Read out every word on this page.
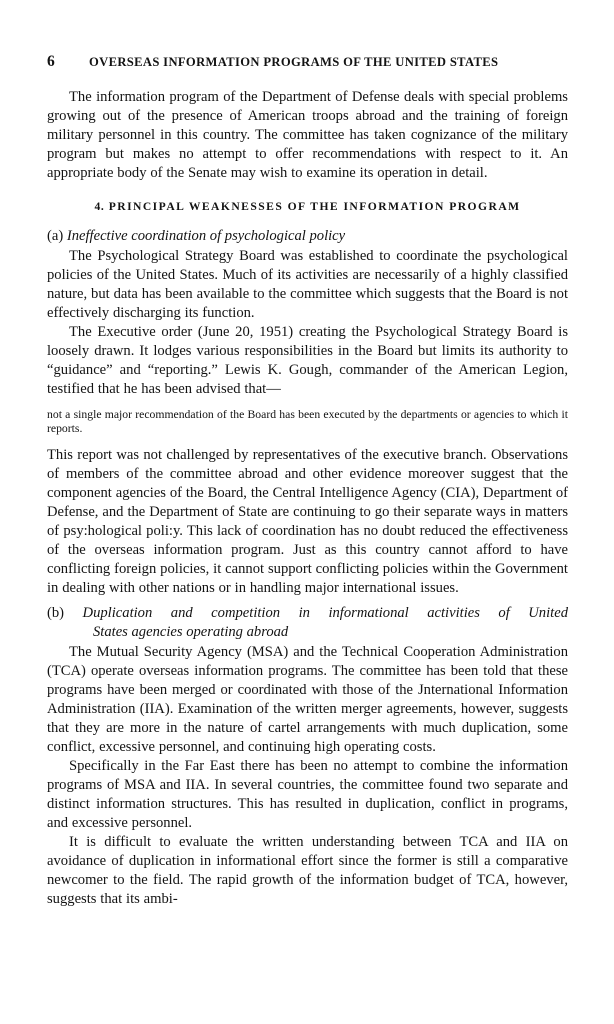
6	OVERSEAS INFORMATION PROGRAMS OF THE UNITED STATES

The information program of the Department of Defense deals with special problems growing out of the presence of American troops abroad and the training of foreign military personnel in this country. The committee has taken cognizance of the military program but makes no attempt to offer recommendations with respect to it. An appropriate body of the Senate may wish to examine its operation in detail.

4. PRINCIPAL WEAKNESSES OF THE INFORMATION PROGRAM
(a) Ineffective coordination of psychological policy

The Psychological Strategy Board was established to coordinate the psychological policies of the United States. Much of its activities are necessarily of a highly classified nature, but data has been available to the committee which suggests that the Board is not effectively discharging its function.

The Executive order (June 20, 1951) creating the Psychological Strategy Board is loosely drawn. It lodges various responsibilities in the Board but limits its authority to “guidance” and “reporting.” Lewis K. Gough, commander of the American Legion, testified that he has been advised that—

not a single major recommendation of the Board has been executed by the departments or agencies to which it reports.

This report was not challenged by representatives of the executive branch. Observations of members of the committee abroad and other evidence moreover suggest that the component agencies of the Board, the Central Intelligence Agency (CIA), Department of Defense, and the Department of State are continuing to go their separate ways in matters of psy:hological poli:y. This lack of coordination has no doubt reduced the effectiveness of the overseas information program. Just as this country cannot afford to have conflicting foreign policies, it cannot support conflicting policies within the Government in dealing with other nations or in handling major international issues.

(b) Duplication and competition in informational activities of United
States agencies operating abroad

The Mutual Security Agency (MSA) and the Technical Cooperation Administration (TCA) operate overseas information programs. The committee has been told that these programs have been merged or coordinated with those of the Jnternational Information Administration (IIA). Examination of the written merger agreements, however, suggests that they are more in the nature of cartel arrangements with much duplication, some conflict, excessive personnel, and continuing high operating costs.

Specifically in the Far East there has been no attempt to combine the information programs of MSA and IIA. In several countries, the committee found two separate and distinct information structures. This has resulted in duplication, conflict in programs, and excessive personnel.

It is difficult to evaluate the written understanding between TCA and IIA on avoidance of duplication in informational effort since the former is still a comparative newcomer to the field. The rapid growth of the information budget of TCA, however, suggests that its ambi-
